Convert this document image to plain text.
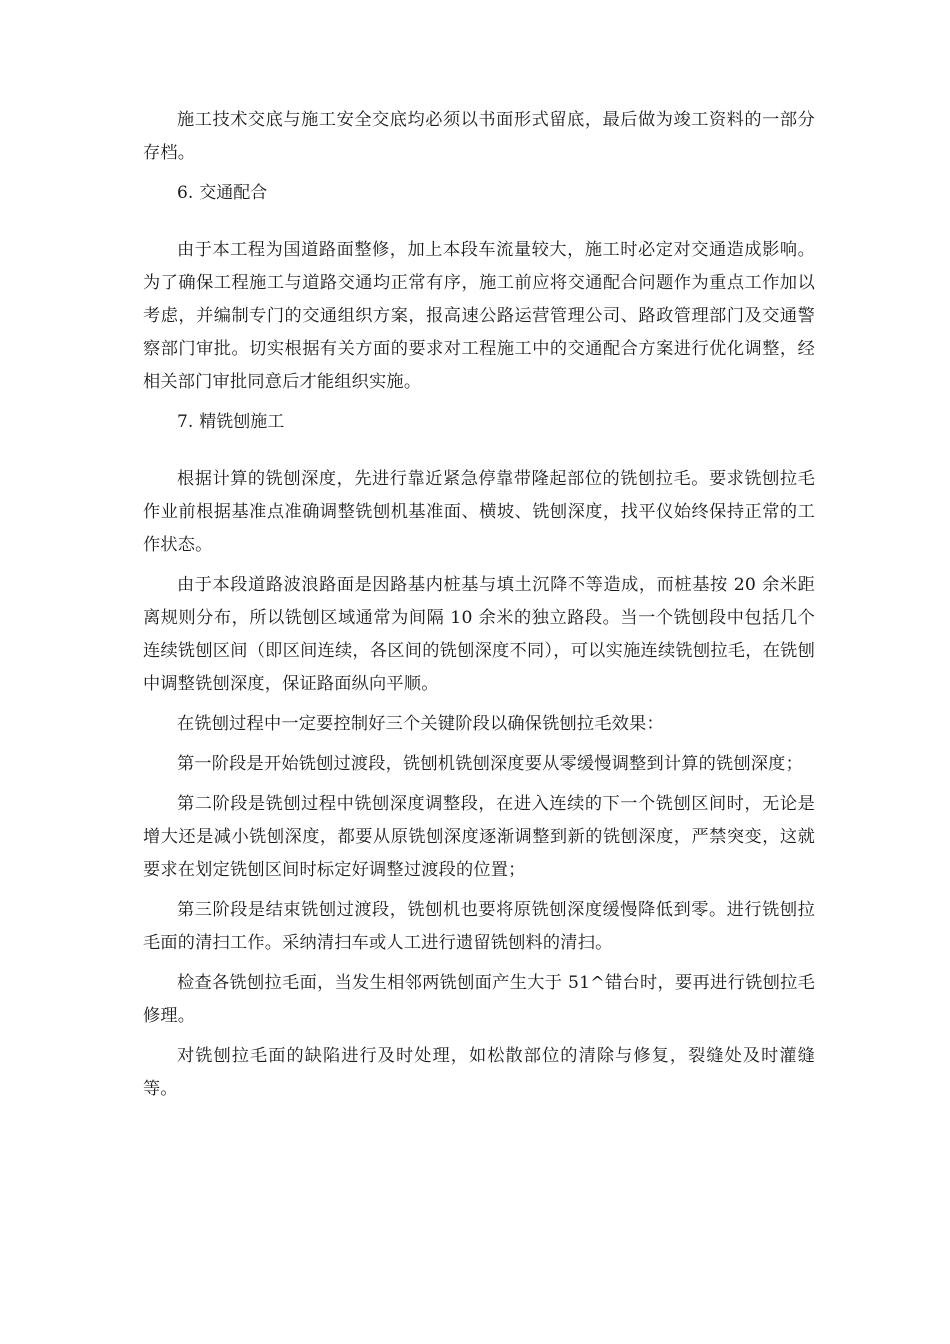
施工技术交底与施工安全交底均必须以书面形式留底，最后做为竣工资料的一部分存档。

6. 交通配合

由于本工程为国道路面整修，加上本段车流量较大，施工时必定对交通造成影响。为了确保工程施工与道路交通均正常有序，施工前应将交通配合问题作为重点工作加以考虑，并编制专门的交通组织方案，报高速公路运营管理公司、路政管理部门及交通警察部门审批。切实根据有关方面的要求对工程施工中的交通配合方案进行优化调整，经相关部门审批同意后才能组织实施。

7. 精铣刨施工

根据计算的铣刨深度，先进行靠近紧急停靠带隆起部位的铣刨拉毛。要求铣刨拉毛作业前根据基准点准确调整铣刨机基准面、横坡、铣刨深度，找平仪始终保持正常的工作状态。

由于本段道路波浪路面是因路基内桩基与填土沉降不等造成，而桩基按 20 余米距离规则分布，所以铣刨区域通常为间隔 10 余米的独立路段。当一个铣刨段中包括几个连续铣刨区间（即区间连续，各区间的铣刨深度不同），可以实施连续铣刨拉毛，在铣刨中调整铣刨深度，保证路面纵向平顺。

在铣刨过程中一定要控制好三个关键阶段以确保铣刨拉毛效果：

第一阶段是开始铣刨过渡段，铣刨机铣刨深度要从零缓慢调整到计算的铣刨深度；

第二阶段是铣刨过程中铣刨深度调整段，在进入连续的下一个铣刨区间时，无论是增大还是减小铣刨深度，都要从原铣刨深度逐渐调整到新的铣刨深度，严禁突变，这就要求在划定铣刨区间时标定好调整过渡段的位置；

第三阶段是结束铣刨过渡段，铣刨机也要将原铣刨深度缓慢降低到零。进行铣刨拉毛面的清扫工作。采纳清扫车或人工进行遗留铣刨料的清扫。

检查各铣刨拉毛面，当发生相邻两铣刨面产生大于 51^错台时，要再进行铣刨拉毛修理。

对铣刨拉毛面的缺陷进行及时处理，如松散部位的清除与修复，裂缝处及时灌缝等。
